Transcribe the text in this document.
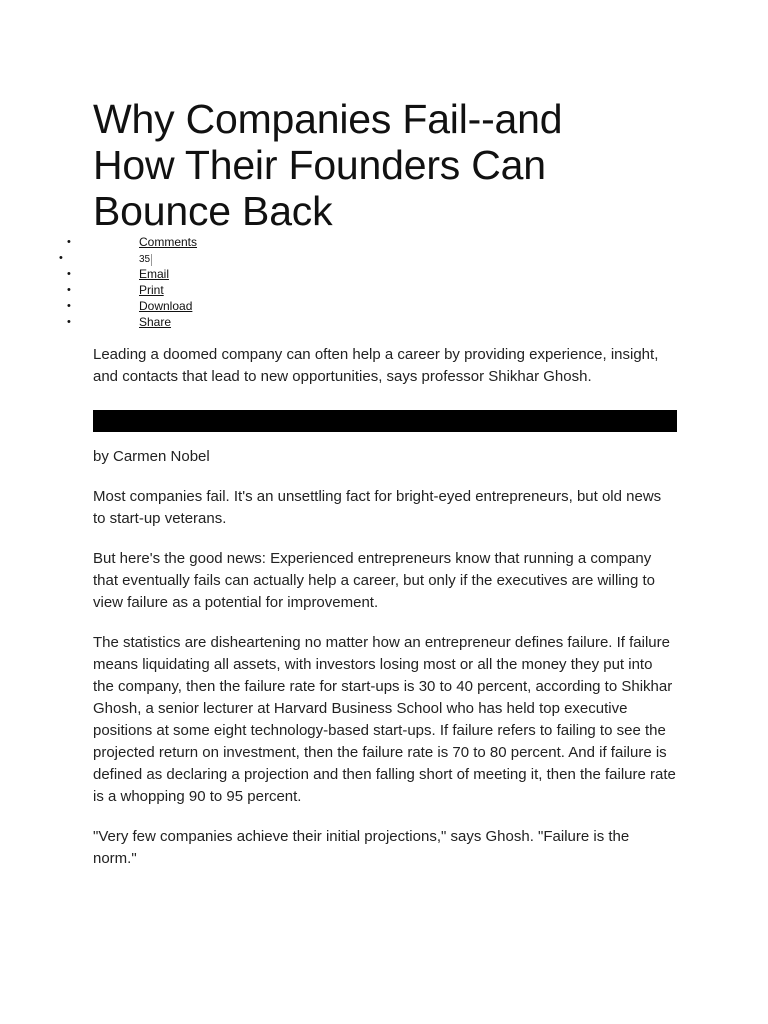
Why Companies Fail--and
How Their Founders Can
Bounce Back
• Comments
• 35
• Email
• Print
• Download
• Share

Leading a doomed company can often help a career by providing experience, insight, and contacts that lead to new opportunities, says professor Shikhar Ghosh.

by Carmen Nobel

Most companies fail. It's an unsettling fact for bright-eyed entrepreneurs, but old news to start-up veterans.

But here's the good news: Experienced entrepreneurs know that running a company that eventually fails can actually help a career, but only if the executives are willing to view failure as a potential for improvement.

The statistics are disheartening no matter how an entrepreneur defines failure. If failure means liquidating all assets, with investors losing most or all the money they put into the company, then the failure rate for start-ups is 30 to 40 percent, according to Shikhar Ghosh, a senior lecturer at Harvard Business School who has held top executive positions at some eight technology-based start-ups. If failure refers to failing to see the projected return on investment, then the failure rate is 70 to 80 percent. And if failure is defined as declaring a projection and then falling short of meeting it, then the failure rate is a whopping 90 to 95 percent.

"Very few companies achieve their initial projections," says Ghosh. "Failure is the norm."
